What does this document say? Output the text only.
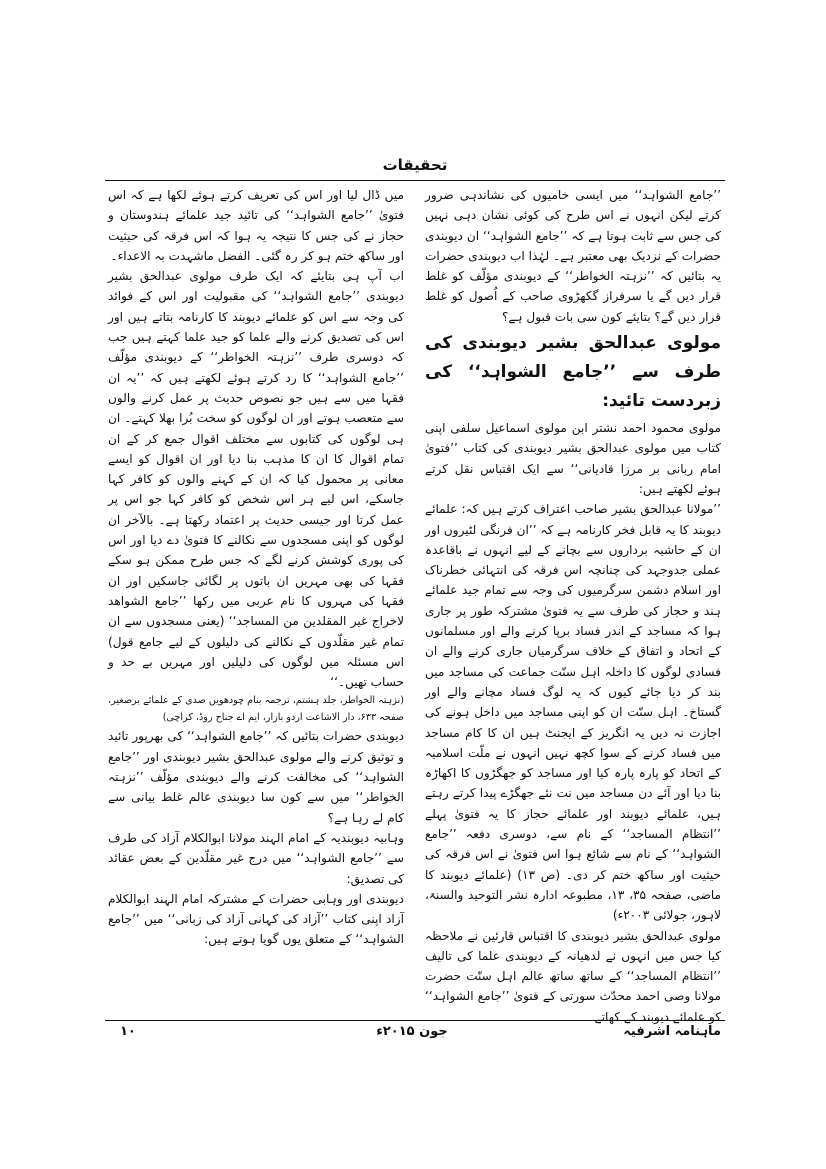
تحقیقات

’’جامع الشواہد‘‘ میں ایسی خامیوں کی نشاندہی ضرور کرتے لیکن انہوں نے اس طرح کی کوئی نشان دہی نہیں کی جس سے ثابت ہوتا ہے کہ ’’جامع الشواہد‘‘ ان دیوبندی حضرات کے نزدیک بھی معتبر ہے۔ لہٰذا اب دیوبندی حضرات یہ بتائیں کہ ’’نزہتہ الخواطر‘‘ کے دیوبندی مؤلّف کو غلط قرار دیں گے یا سرفراز گکھڑوی صاحب کے اُصول کو غلط قرار دیں گے؟ بتایئے کون سی بات قبول ہے؟

مولوی عبدالحق بشیر دیوبندی کی طرف سے ’’جامع الشواہد‘‘ کی زبردست تائید:

مولوی محمود احمد نشتر ابن مولوی اسماعیل سلفی اپنی کتاب میں مولوی عبدالحق بشیر دیوبندی کی کتاب ’’فتویٰ امام ربانی بر مرزا قادیانی‘‘ سے ایک اقتباس نقل کرتے ہوئے لکھتے ہیں:

’’مولانا عبدالحق بشیر صاحب اعتراف کرتے ہیں کہ: علمائے دیوبند کا یہ قابل فخر کارنامہ ہے کہ ’’ان فرنگی لٹیروں اور ان کے حاشیہ برداروں سے بچانے کے لیے انہوں نے باقاعدہ عملی جدوجہد کی چنانچہ اس فرقہ کی انتہائی خطرناک اور اسلام دشمن سرگرمیوں کی وجہ سے تمام جید علمائے ہند و حجاز کی طرف سے یہ فتویٰ مشترکہ طور پر جاری ہوا کہ مساجد کے اندر فساد برپا کرنے والے اور مسلمانوں کے اتحاد و اتفاق کے خلاف سرگرمیاں جاری کرنے والے ان فسادی لوگوں کا داخلہ اہل سنّت جماعت کی مساجد میں بند کر دیا جائے کیوں کہ یہ لوگ فساد مچانے والے اور گستاخ۔ اہل سنّت ان کو اپنی مساجد میں داخل ہونے کی اجازت نہ دیں یہ انگریز کے ایجنٹ ہیں ان کا کام مساجد میں فساد کرنے کے سوا کچھ نہیں انہوں نے ملّت اسلامیہ کے اتحاد کو پارہ پارہ کیا اور مساجد کو جھگڑوں کا اکھاڑہ بنا دیا اور آئے دن مساجد میں نت نئے جھگڑے پیدا کرتے رہتے ہیں، علمائے دیوبند اور علمائے حجاز کا یہ فتویٰ پہلے ’’انتظام المساجد‘‘ کے نام سے، دوسری دفعہ ’’جامع الشواہد‘‘ کے نام سے شائع ہوا اس فتویٰ نے اس فرقہ کی حیثیت اور ساکھ ختم کر دی۔ (ص ۱۳) (علمائے دیوبند کا ماضی، صفحہ ۳۵، ۱۳، مطبوعہ ادارہ نشر التوحید والسنۃ، لاہور، جولائی ۲۰۰۳ء)

مولوی عبدالحق بشیر دیوبندی کا اقتباس قارئین نے ملاحظہ کیا جس میں انہوں نے لدھیانہ کے دیوبندی علما کی تالیف ’’انتظام المساجد‘‘ کے ساتھ ساتھ عالم اہل سنّت حضرت مولانا وصی احمد محدّث سورتی کے فتویٰ ’’جامع الشواہد‘‘ کو علمائے دیوبند کے کھاتے

میں ڈال لیا اور اس کی تعریف کرتے ہوئے لکھا ہے کہ اس فتویٰ ’’جامع الشواہد‘‘ کی تائید جید علمائے ہندوستان و حجاز نے کی جس کا نتیجہ یہ ہوا کہ اس فرقہ کی حیثیت اور ساکھ ختم ہو کر رہ گئی۔ الفضل ماشہدت بہ الاعداء۔

اب آپ ہی بتایئے کہ ایک طرف مولوی عبدالحق بشیر دیوبندی ’’جامع الشواہد‘‘ کی مقبولیت اور اس کے فوائد کی وجہ سے اس کو علمائے دیوبند کا کارنامہ بتاتے ہیں اور اس کی تصدیق کرنے والے علما کو جید علما کہتے ہیں جب کہ دوسری طرف ’’نزہتہ الخواطر‘‘ کے دیوبندی مؤلّف ’’جامع الشواہد‘‘ کا رد کرتے ہوئے لکھتے ہیں کہ ’’یہ ان فقہا میں سے ہیں جو نصوص حدیث پر عمل کرنے والوں سے متعصب ہوتے اور ان لوگوں کو سخت بُرا بھلا کہتے۔ ان ہی لوگوں کی کتابوں سے مختلف اقوال جمع کر کے ان تمام اقوال کا ان کا مذہب بنا دیا اور ان اقوال کو ایسے معانی پر محمول کیا کہ ان کے کہنے والوں کو کافر کہا جاسکے، اس لیے ہر اس شخص کو کافر کہا جو اس پر عمل کرتا اور جیسی حدیث پر اعتماد رکھتا ہے۔ بالآخر ان لوگوں کو اپنی مسجدوں سے نکالنے کا فتویٰ دے دیا اور اس کی پوری کوشش کرنے لگے کہ جس طرح ممکن ہو سکے فقہا کی بھی مہریں ان باتوں پر لگائی جاسکیں اور ان فقہا کی مہروں کا نام عربی میں رکھا ’’جامع الشواھد لاخراج غیر المقلدین من المساجد‘‘ (یعنی مسجدوں سے ان تمام غیر مقلّدوں کے نکالنے کی دلیلوں کے لیے جامع قول) اس مسئلہ میں لوگوں کی دلیلیں اور مہریں بے حد و حساب تھیں۔‘‘

(نزہتہ الخواطر، جلد ہشتم، ترجمہ بنام چودھویں صدی کے علمائے برصغیر، صفحہ ۶۳۳، دار الاشاعت اردو بازار، ایم اے جناح روڈ، کراچی)

دیوبندی حضرات بتائیں کہ ’’جامع الشواہد‘‘ کی بھرپور تائید و توثیق کرنے والے مولوی عبدالحق بشیر دیوبندی اور ’’جامع الشواہد‘‘ کی مخالفت کرنے والے دیوبندی مؤلّف ’’نزہتہ الخواطر‘‘ میں سے کون سا دیوبندی عالم غلط بیانی سے کام لے رہا ہے؟

وہابیہ دیوبندیہ کے امام الہند مولانا ابوالکلام آزاد کی طرف سے ’’جامع الشواہد‘‘ میں درج غیر مقلّدین کے بعض عقائد کی تصدیق:

دیوبندی اور وہابی حضرات کے مشترکہ امام الہند ابوالکلام آزاد اپنی کتاب ’’آزاد کی کہانی آزاد کی زبانی‘‘ میں ’’جامع الشواہد‘‘ کے متعلق یوں گویا ہوتے ہیں:

ماہنامہ اشرفیہ
جون ۲۰۱۵ء
۱۰
